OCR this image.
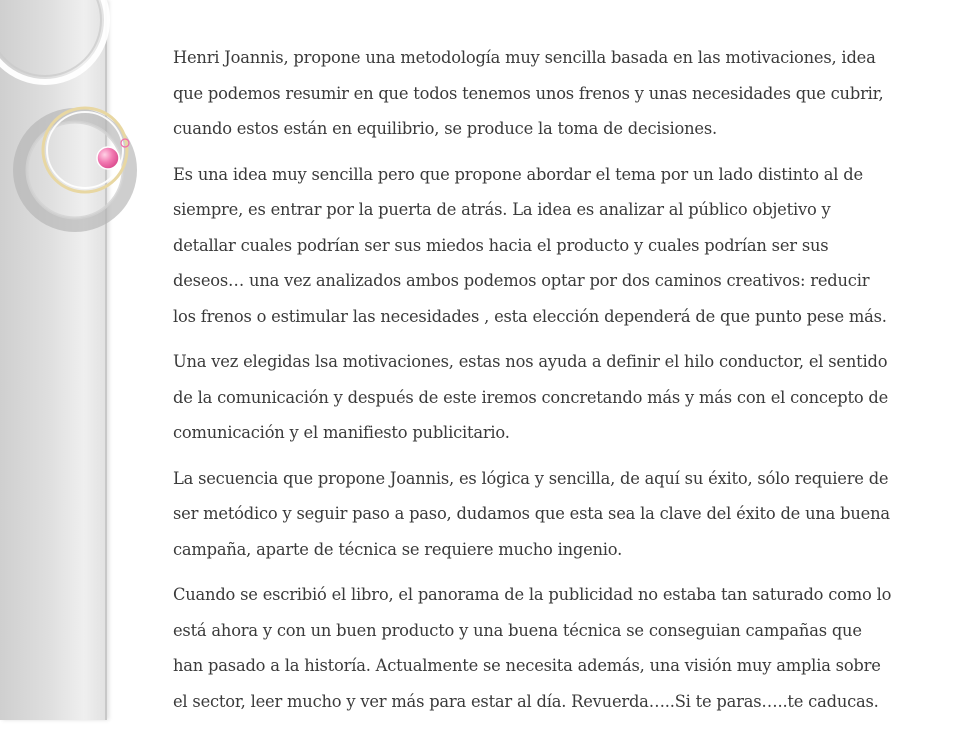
Henri Joannis, propone una metodología muy sencilla basada en las motivaciones, idea que podemos resumir en que todos tenemos unos frenos y unas necesidades que cubrir, cuando estos están en equilibrio, se produce la toma de decisiones.

Es una idea muy sencilla pero que propone abordar el tema por un lado distinto al de siempre, es entrar por la puerta de atrás. La idea es analizar al público objetivo y detallar cuales podrían ser sus miedos hacia el producto y cuales podrían ser sus deseos… una vez analizados ambos podemos optar por dos caminos creativos: reducir los frenos o estimular las necesidades , esta elección dependerá de que punto pese más.

Una vez elegidas lsa motivaciones, estas nos ayuda a definir el hilo conductor, el sentido de la comunicación y después de este iremos concretando más y más con el concepto de comunicación y el manifiesto publicitario.

La secuencia que propone Joannis, es lógica y sencilla, de aquí su éxito, sólo requiere de ser metódico y seguir paso a paso, dudamos que esta sea la clave del éxito de una buena campaña, aparte de técnica se requiere mucho ingenio.

Cuando se escribió el libro, el panorama de la publicidad no estaba tan saturado como lo está ahora y con un buen producto y una buena técnica se conseguian campañas que han pasado a la historía. Actualmente se necesita además, una visión muy amplia sobre el sector, leer mucho y ver más para estar al día. Revuerda…..Si te paras…..te caducas.
